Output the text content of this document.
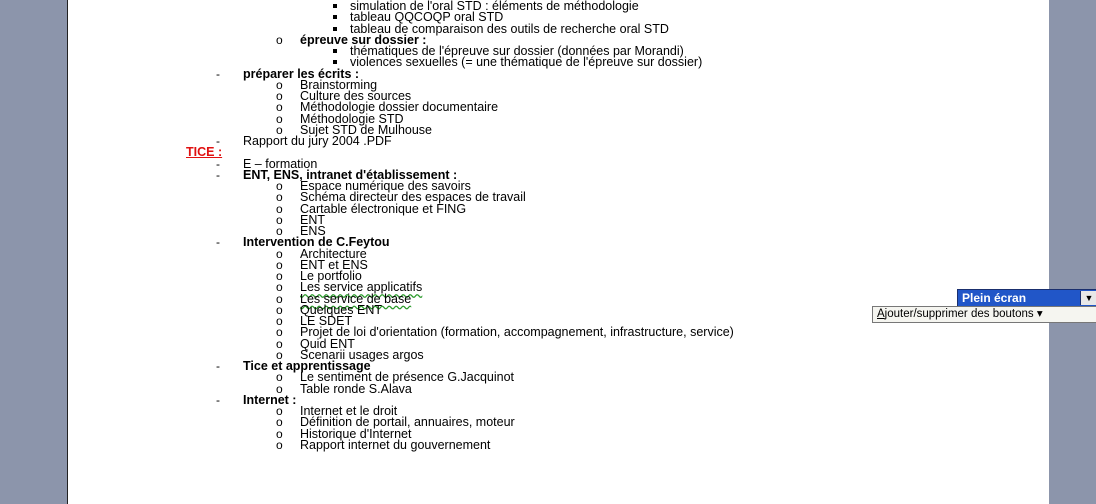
simulation de l'oral STD : éléments de méthodologie
tableau QQCOQP oral STD
tableau de comparaison des outils de recherche oral STD
o épreuve sur dossier :
thématiques de l'épreuve sur dossier (données par Morandi)
violences sexuelles (= une thématique de l'épreuve sur dossier)
- préparer les écrits :
o Brainstorming
o Culture des sources
o Méthodologie dossier documentaire
o Méthodologie STD
o Sujet STD de Mulhouse
- Rapport du jury 2004 .PDF
TICE :
- E – formation
- ENT, ENS, intranet d'établissement :
o Espace numérique des savoirs
o Schéma directeur des espaces de travail
o Cartable électronique et FING
o ENT
o ENS
- Intervention de C.Feytou
o Architecture
o ENT et ENS
o Le portfolio
o Les service applicatifs
o Les service de base
o Quelques ENT
o LE SDET
o Projet de loi d'orientation (formation, accompagnement, infrastructure, service)
o Quid ENT
o Scenarii usages argos
- Tice et apprentissage
o Le sentiment de présence G.Jacquinot
o Table ronde S.Alava
- Internet :
o Internet et le droit
o Définition de portail, annuaires, moteur
o Historique d'Internet
o Rapport internet du gouvernement
Plein écran	▼
Ajouter/supprimer des boutons ▾
